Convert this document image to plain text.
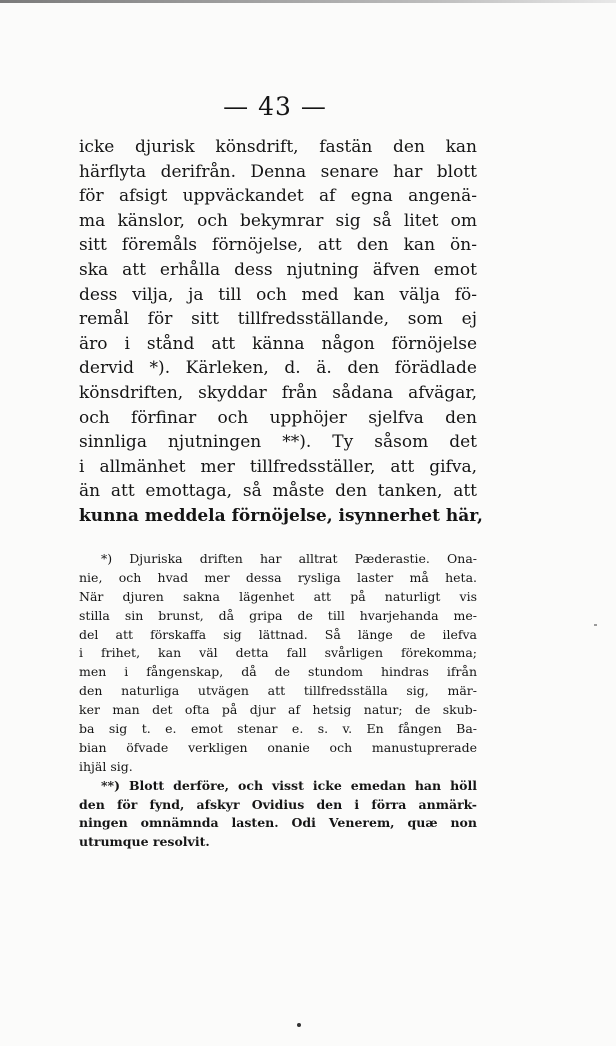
— 43 —
icke djurisk könsdrift, fastän den kan
härflyta derifrån. Denna senare har blott
för afsigt uppväckandet af egna angenä-
ma känslor, och bekymrar sig så litet om
sitt föremåls förnöjelse, att den kan ön-
ska att erhålla dess njutning äfven emot
dess vilja, ja till och med kan välja fö-
remål för sitt tillfredsställande, som ej
äro i stånd att känna någon förnöjelse
dervid *). Kärleken, d. ä. den förädlade
könsdriften, skyddar från sådana afvägar,
och förfinar och upphöjer sjelfva den
sinnliga njutningen **). Ty såsom det
i allmänhet mer tillfredsställer, att gifva,
än att emottaga, så måste den tanken, att
kunna meddela förnöjelse, isynnerhet här,
*) Djuriska driften har alltrat Pæderastie. Ona-
nie, och hvad mer dessa rysliga laster må heta.
När djuren sakna lägenhet att på naturligt vis
stilla sin brunst, då gripa de till hvarjehanda me-
del att förskaffa sig lättnad. Så länge de ilefva
i frihet, kan väl detta fall svårligen förekomma;
men i fångenskap, då de stundom hindras ifrån
den naturliga utvägen att tillfredsställa sig, mär-
ker man det ofta på djur af hetsig natur; de skub-
ba sig t. e. emot stenar e. s. v. En fången Ba-
bian öfvade verkligen onanie och manustuprerade
ihjäl sig.
**) Blott derföre, och visst icke emedan han höll
den för fynd, afskyr Ovidius den i förra anmärk-
ningen omnämnda lasten. Odi Venerem, quæ non
utrumque resolvit.
